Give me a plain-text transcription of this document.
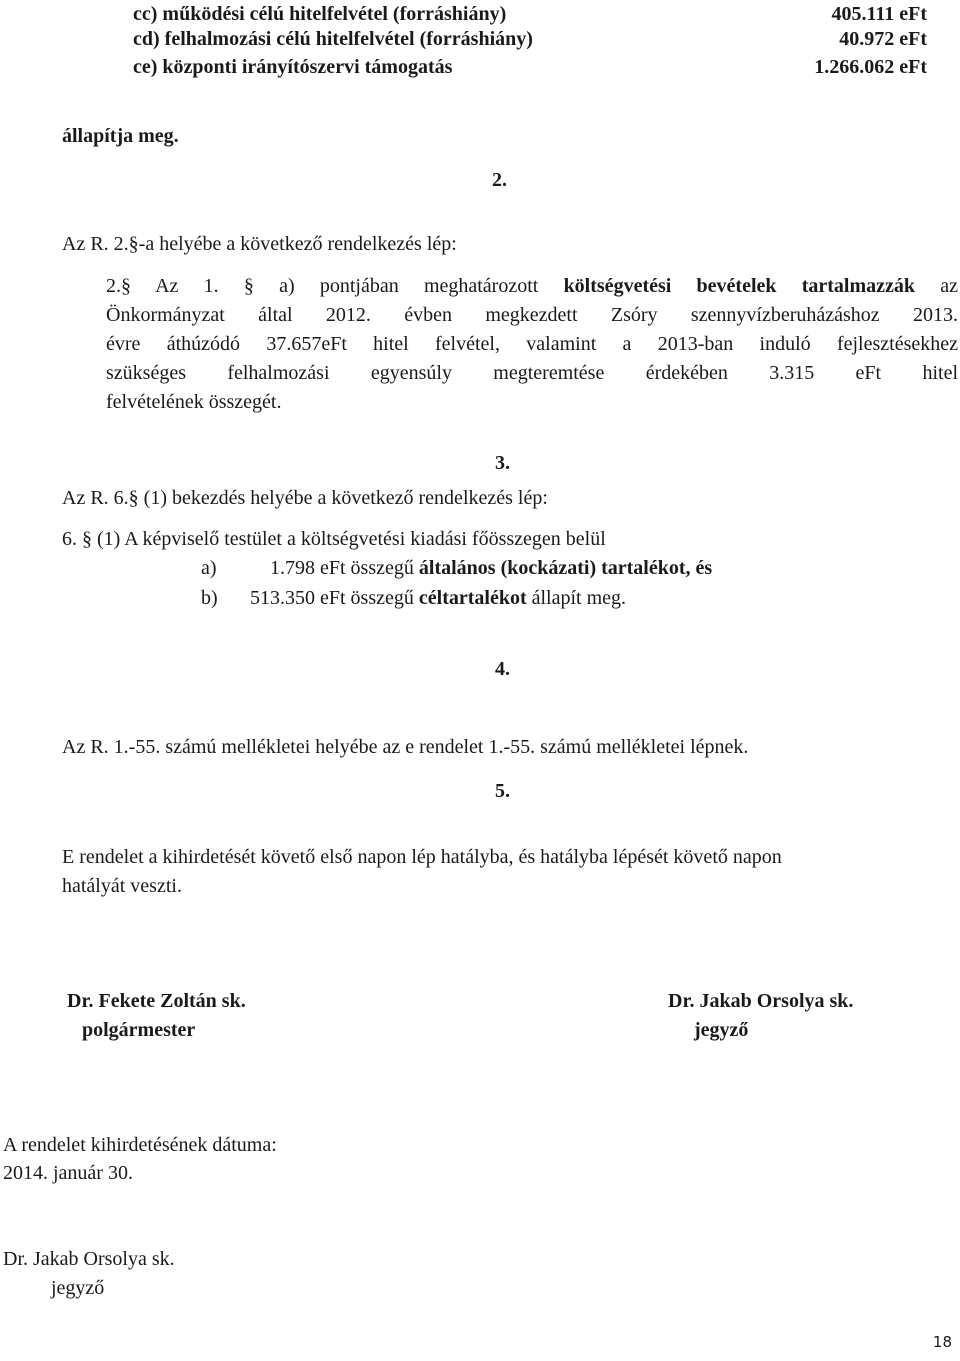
cc) működési célú hitelfelvétel (forráshiány)	405.111 eFt
cd) felhalmozási célú hitelfelvétel (forráshiány)	40.972 eFt
ce) központi irányítószervi támogatás	1.266.062 eFt
állapítja meg.
2.
Az R. 2.§-a helyébe a következő rendelkezés lép:
2.§ Az 1. § a) pontjában meghatározott költségvetési bevételek tartalmazzák az
Önkormányzat által 2012. évben megkezdett Zsóry szennyvízberuházáshoz 2013.
évre áthúzódó 37.657eFt hitel felvétel, valamint a 2013-ban induló fejlesztésekhez
szükséges felhalmozási egyensúly megteremtése érdekében 3.315 eFt hitel
felvételének összegét.
3.
Az R. 6.§ (1) bekezdés helyébe a következő rendelkezés lép:
6. § (1) A képviselő testület a költségvetési kiadási főösszegen belül
a)	1.798 eFt összegű általános (kockázati) tartalékot, és
b) 513.350 eFt összegű céltartalékot állapít meg.
4.
Az R. 1.-55. számú mellékletei helyébe az e rendelet 1.-55. számú mellékletei lépnek.
5.
E rendelet a kihirdetését követő első napon lép hatályba, és hatályba lépését követő napon
hatályát veszti.
Dr. Fekete Zoltán sk.
polgármester
Dr. Jakab Orsolya sk.
jegyző
A rendelet kihirdetésének dátuma:
2014. január 30.
Dr. Jakab Orsolya sk.
jegyző
18
